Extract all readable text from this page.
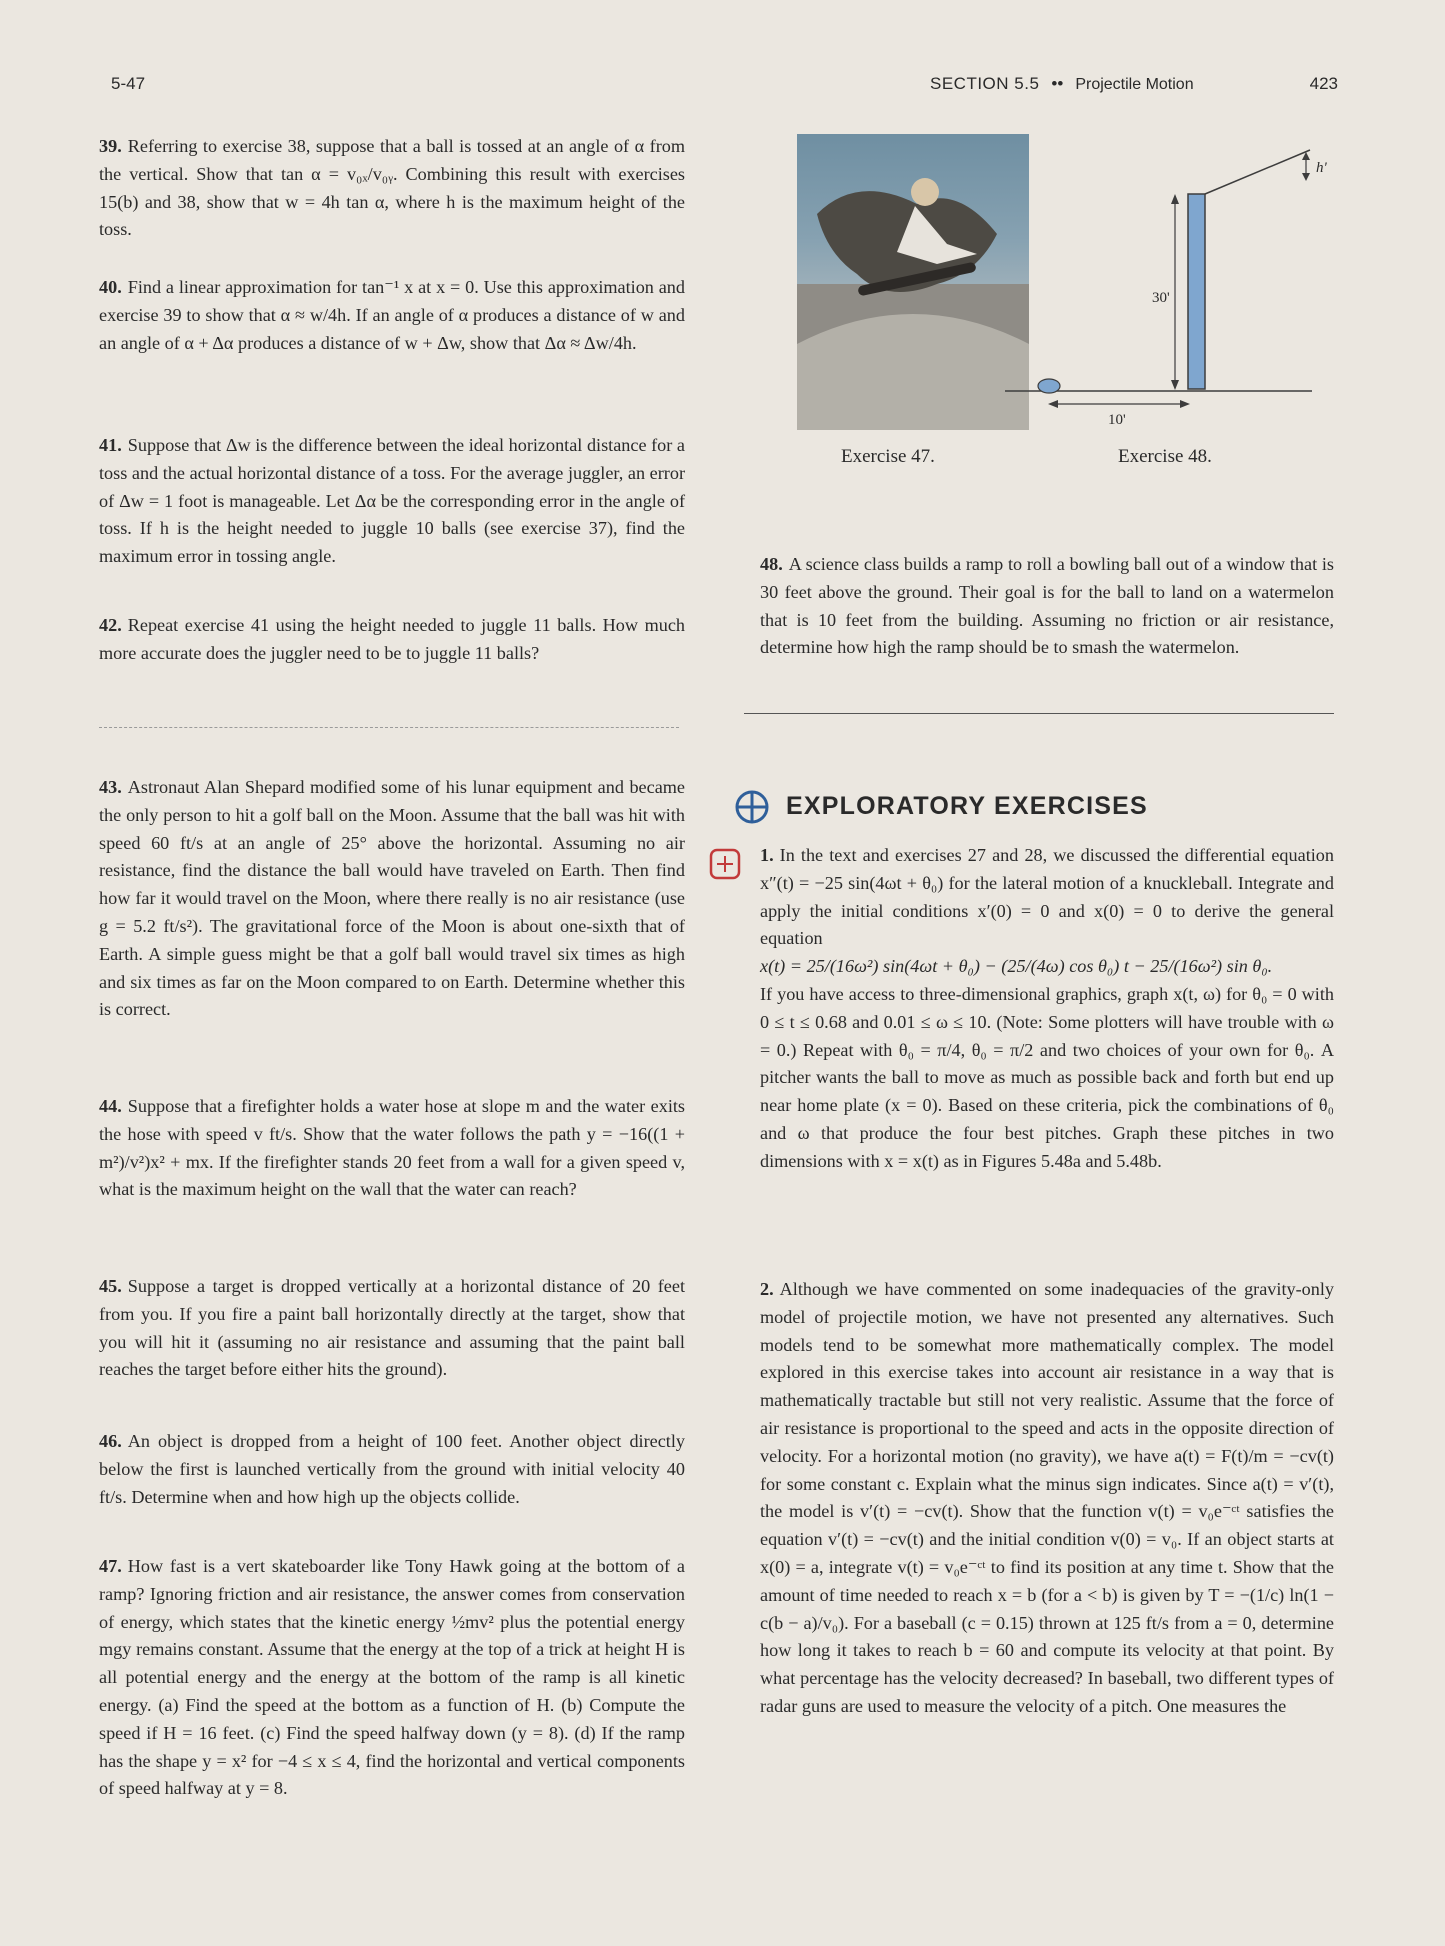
5-47	SECTION 5.5 •• Projectile Motion	423
39. Referring to exercise 38, suppose that a ball is tossed at an angle of α from the vertical. Show that tan α = v₀ₓ/v₀ᵧ. Combining this result with exercises 15(b) and 38, show that w = 4h tan α, where h is the maximum height of the toss.
40. Find a linear approximation for tan⁻¹ x at x = 0. Use this approximation and exercise 39 to show that α ≈ w/4h. If an angle of α produces a distance of w and an angle of α + Δα produces a distance of w + Δw, show that Δα ≈ Δw/4h.
41. Suppose that Δw is the difference between the ideal horizontal distance for a toss and the actual horizontal distance of a toss. For the average juggler, an error of Δw = 1 foot is manageable. Let Δα be the corresponding error in the angle of toss. If h is the height needed to juggle 10 balls (see exercise 37), find the maximum error in tossing angle.
42. Repeat exercise 41 using the height needed to juggle 11 balls. How much more accurate does the juggler need to be to juggle 11 balls?
43. Astronaut Alan Shepard modified some of his lunar equipment and became the only person to hit a golf ball on the Moon. Assume that the ball was hit with speed 60 ft/s at an angle of 25° above the horizontal. Assuming no air resistance, find the distance the ball would have traveled on Earth. Then find how far it would travel on the Moon, where there really is no air resistance (use g = 5.2 ft/s²). The gravitational force of the Moon is about one-sixth that of Earth. A simple guess might be that a golf ball would travel six times as high and six times as far on the Moon compared to on Earth. Determine whether this is correct.
44. Suppose that a firefighter holds a water hose at slope m and the water exits the hose with speed v ft/s. Show that the water follows the path y = −16((1 + m²)/v²)x² + mx. If the firefighter stands 20 feet from a wall for a given speed v, what is the maximum height on the wall that the water can reach?
45. Suppose a target is dropped vertically at a horizontal distance of 20 feet from you. If you fire a paint ball horizontally directly at the target, show that you will hit it (assuming no air resistance and assuming that the paint ball reaches the target before either hits the ground).
46. An object is dropped from a height of 100 feet. Another object directly below the first is launched vertically from the ground with initial velocity 40 ft/s. Determine when and how high up the objects collide.
47. How fast is a vert skateboarder like Tony Hawk going at the bottom of a ramp? Ignoring friction and air resistance, the answer comes from conservation of energy, which states that the kinetic energy ½mv² plus the potential energy mgy remains constant. Assume that the energy at the top of a trick at height H is all potential energy and the energy at the bottom of the ramp is all kinetic energy. (a) Find the speed at the bottom as a function of H. (b) Compute the speed if H = 16 feet. (c) Find the speed halfway down (y = 8). (d) If the ramp has the shape y = x² for −4 ≤ x ≤ 4, find the horizontal and vertical components of speed halfway at y = 8.
Exercise 47.
30'
h'
10'
Exercise 48.
48. A science class builds a ramp to roll a bowling ball out of a window that is 30 feet above the ground. Their goal is for the ball to land on a watermelon that is 10 feet from the building. Assuming no friction or air resistance, determine how high the ramp should be to smash the watermelon.
EXPLORATORY EXERCISES
1. In the text and exercises 27 and 28, we discussed the differential equation x″(t) = −25 sin(4ωt + θ₀) for the lateral motion of a knuckleball. Integrate and apply the initial conditions x′(0) = 0 and x(0) = 0 to derive the general equation
x(t) = 25/(16ω²) sin(4ωt + θ₀) − (25/(4ω) cos θ₀) t − 25/(16ω²) sin θ₀.
If you have access to three-dimensional graphics, graph x(t, ω) for θ₀ = 0 with 0 ≤ t ≤ 0.68 and 0.01 ≤ ω ≤ 10. (Note: Some plotters will have trouble with ω = 0.) Repeat with θ₀ = π/4, θ₀ = π/2 and two choices of your own for θ₀. A pitcher wants the ball to move as much as possible back and forth but end up near home plate (x = 0). Based on these criteria, pick the combinations of θ₀ and ω that produce the four best pitches. Graph these pitches in two dimensions with x = x(t) as in Figures 5.48a and 5.48b.
2. Although we have commented on some inadequacies of the gravity-only model of projectile motion, we have not presented any alternatives. Such models tend to be somewhat more mathematically complex. The model explored in this exercise takes into account air resistance in a way that is mathematically tractable but still not very realistic. Assume that the force of air resistance is proportional to the speed and acts in the opposite direction of velocity. For a horizontal motion (no gravity), we have a(t) = F(t)/m = −cv(t) for some constant c. Explain what the minus sign indicates. Since a(t) = v′(t), the model is v′(t) = −cv(t). Show that the function v(t) = v₀e⁻ᶜᵗ satisfies the equation v′(t) = −cv(t) and the initial condition v(0) = v₀. If an object starts at x(0) = a, integrate v(t) = v₀e⁻ᶜᵗ to find its position at any time t. Show that the amount of time needed to reach x = b (for a < b) is given by T = −(1/c) ln(1 − c(b − a)/v₀). For a baseball (c = 0.15) thrown at 125 ft/s from a = 0, determine how long it takes to reach b = 60 and compute its velocity at that point. By what percentage has the velocity decreased? In baseball, two different types of radar guns are used to measure the velocity of a pitch. One measures the
